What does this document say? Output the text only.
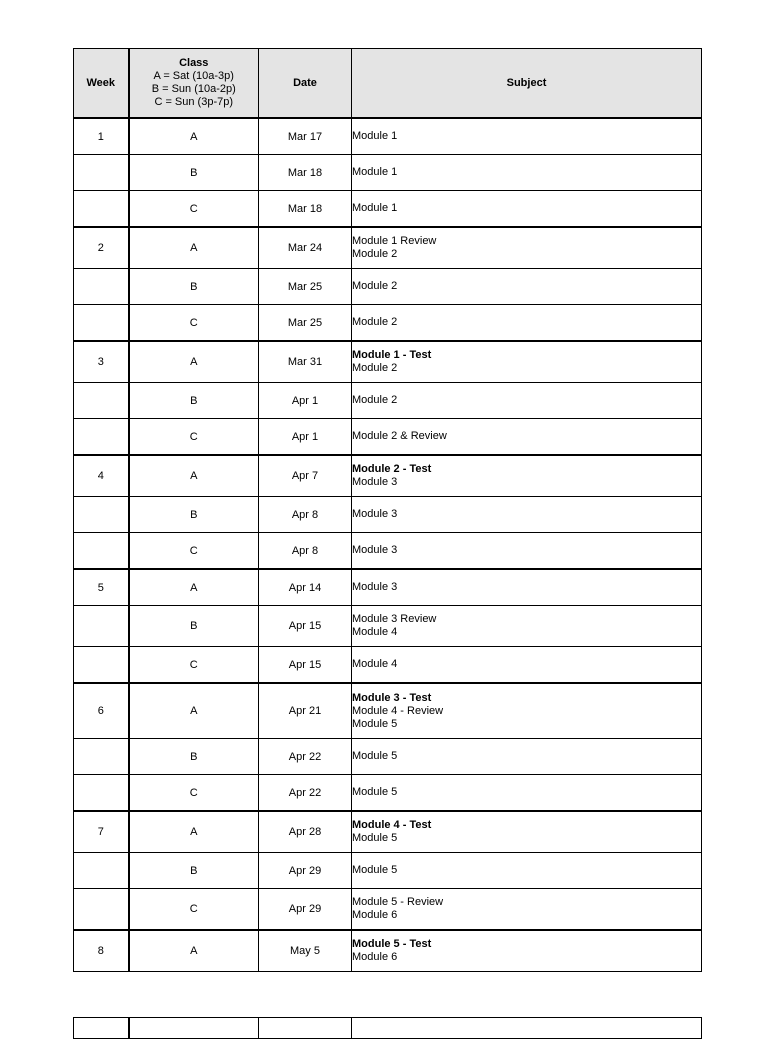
Week	Class
A = Sat (10a-3p)
B = Sun (10a-2p)
C = Sun (3p-7p)	Date	Subject
1	A	Mar 17	Module 1

	B	Mar 18	Module 1

	C	Mar 18	Module 1

2	A	Mar 24	Module 1 Review
Module 2

	B	Mar 25	Module 2

	C	Mar 25	Module 2

3	A	Mar 31	Module 1 - Test
Module 2

	B	Apr 1	Module 2

	C	Apr 1	Module 2 & Review

4	A	Apr 7	Module 2 - Test
Module 3

	B	Apr 8	Module 3

	C	Apr 8	Module 3

5	A	Apr 14	Module 3

	B	Apr 15	Module 3 Review
Module 4

	C	Apr 15	Module 4

6	A	Apr 21	Module 3 - Test
Module 4 - Review
Module 5

	B	Apr 22	Module 5

	C	Apr 22	Module 5

7	A	Apr 28	Module 4 - Test
Module 5

	B	Apr 29	Module 5

	C	Apr 29	Module 5 - Review
Module 6

8	A	May 5	Module 5 - Test
Module 6
